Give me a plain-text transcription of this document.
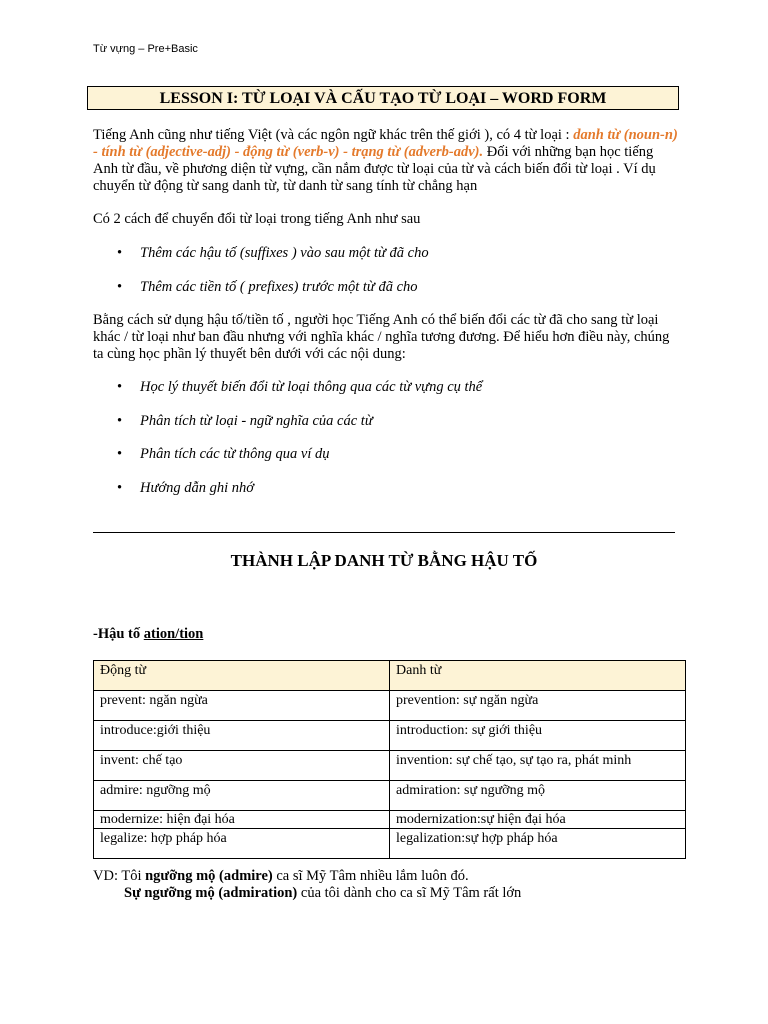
Từ vựng – Pre+Basic
LESSON I: TỪ LOẠI VÀ CẤU TẠO TỪ LOẠI – WORD FORM
Tiếng Anh cũng như tiếng Việt (và các ngôn ngữ khác trên thế giới ), có 4 từ loại : danh từ (noun-n) - tính từ (adjective-adj) - động từ (verb-v) - trạng từ (adverb-adv). Đối với những bạn học tiếng Anh từ đầu, về phương diện từ vựng, cần nắm được từ loại của từ và cách biến đổi từ loại . Ví dụ chuyển từ động từ sang danh từ, từ danh từ sang tính từ chẳng hạn
Có 2 cách để chuyển đổi từ loại trong tiếng Anh như sau
• Thêm các hậu tố (suffixes ) vào sau một từ đã cho
• Thêm các tiền tố ( prefixes) trước một từ đã cho
Bằng cách sử dụng hậu tố/tiền tố , người học Tiếng Anh có thể biến đổi các từ đã cho sang từ loại khác / từ loại như ban đầu nhưng với nghĩa khác / nghĩa tương đương. Để hiểu hơn điều này, chúng ta cùng học phần lý thuyết bên dưới với các nội dung:
• Học lý thuyết biến đổi từ loại thông qua các từ vựng cụ thể
• Phân tích từ loại - ngữ nghĩa của các từ
• Phân tích các từ thông qua ví dụ
• Hướng dẫn ghi nhớ
THÀNH LẬP DANH TỪ BẰNG HẬU TỐ
-Hậu tố ation/tion
Động từ	Danh từ
prevent: ngăn ngừa	prevention: sự ngăn ngừa
introduce:giới thiệu	introduction: sự giới thiệu
invent: chế tạo	invention: sự chế tạo, sự tạo ra, phát minh
admire: ngưỡng mộ	admiration: sự ngưỡng mộ
modernize: hiện đại hóa	modernization:sự hiện đại hóa
legalize: hợp pháp hóa	legalization:sự hợp pháp hóa
VD: Tôi ngưỡng mộ (admire) ca sĩ Mỹ Tâm nhiều lắm luôn đó.
Sự ngưỡng mộ (admiration) của tôi dành cho ca sĩ Mỹ Tâm rất lớn
